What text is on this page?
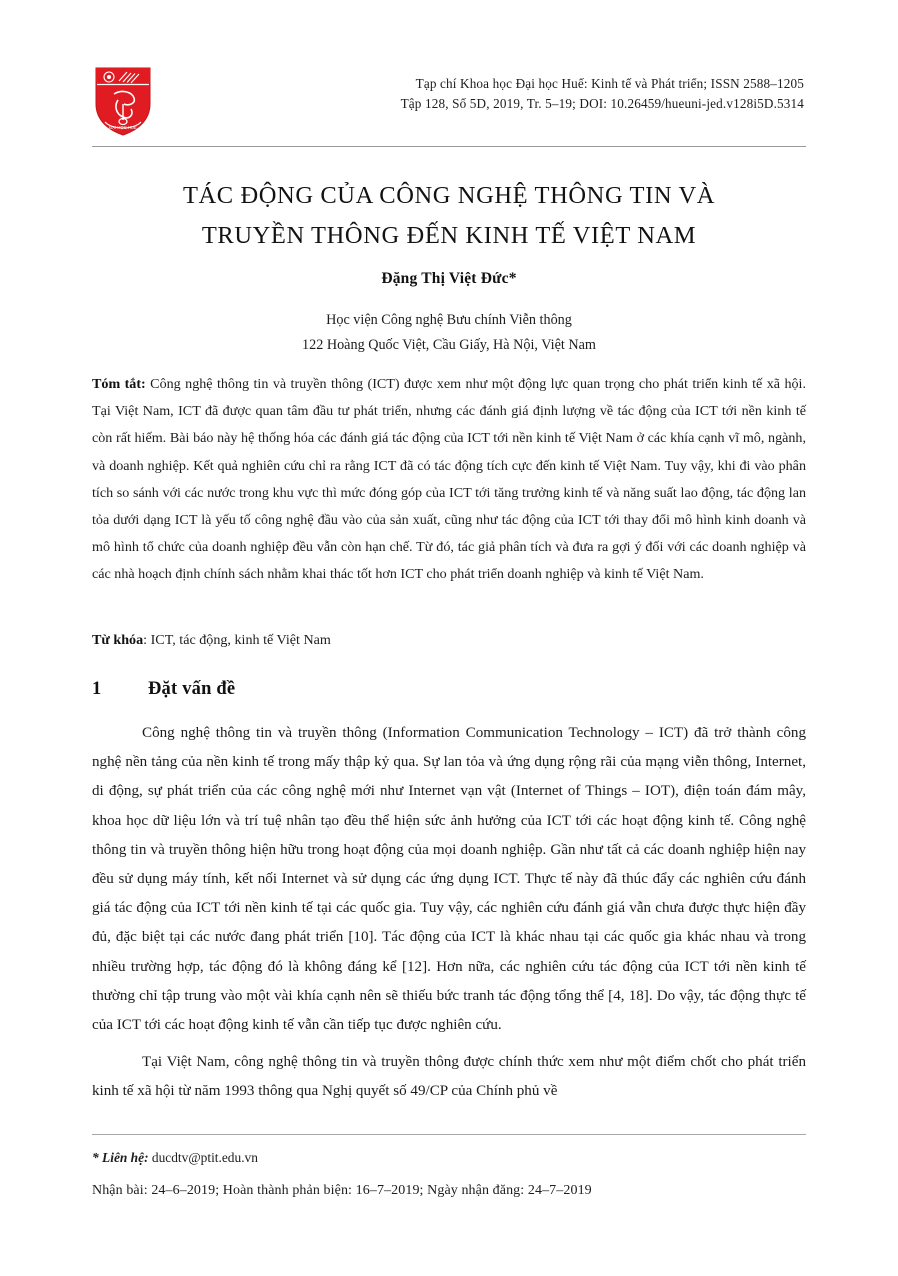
ĐẠI HỌC HUẾ
Tạp chí Khoa học Đại học Huế: Kinh tế và Phát triển; ISSN 2588–1205
Tập 128, Số 5D, 2019, Tr. 5–19; DOI: 10.26459/hueuni-jed.v128i5D.5314
TÁC ĐỘNG CỦA CÔNG NGHỆ THÔNG TIN VÀ
TRUYỀN THÔNG ĐẾN KINH TẾ VIỆT NAM
Đặng Thị Việt Đức*
Học viện Công nghệ Bưu chính Viễn thông
122 Hoàng Quốc Việt, Cầu Giấy, Hà Nội, Việt Nam

Tóm tắt: Công nghệ thông tin và truyền thông (ICT) được xem như một động lực quan trọng cho phát triển kinh tế xã hội. Tại Việt Nam, ICT đã được quan tâm đầu tư phát triển, nhưng các đánh giá định lượng về tác động của ICT tới nền kinh tế còn rất hiếm. Bài báo này hệ thống hóa các đánh giá tác động của ICT tới nền kinh tế Việt Nam ở các khía cạnh vĩ mô, ngành, và doanh nghiệp. Kết quả nghiên cứu chỉ ra rằng ICT đã có tác động tích cực đến kinh tế Việt Nam. Tuy vậy, khi đi vào phân tích so sánh với các nước trong khu vực thì mức đóng góp của ICT tới tăng trưởng kinh tế và năng suất lao động, tác động lan tỏa dưới dạng ICT là yếu tố công nghệ đầu vào của sản xuất, cũng như tác động của ICT tới thay đổi mô hình kinh doanh và mô hình tổ chức của doanh nghiệp đều vẫn còn hạn chế. Từ đó, tác giả phân tích và đưa ra gợi ý đối với các doanh nghiệp và các nhà hoạch định chính sách nhằm khai thác tốt hơn ICT cho phát triển doanh nghiệp và kinh tế Việt Nam.

Từ khóa: ICT, tác động, kinh tế Việt Nam
1	Đặt vấn đề

Công nghệ thông tin và truyền thông (Information Communication Technology – ICT) đã trở thành công nghệ nền tảng của nền kinh tế trong mấy thập kỷ qua. Sự lan tỏa và ứng dụng rộng rãi của mạng viễn thông, Internet, di động, sự phát triển của các công nghệ mới như Internet vạn vật (Internet of Things – IOT), điện toán đám mây, khoa học dữ liệu lớn và trí tuệ nhân tạo đều thể hiện sức ảnh hưởng của ICT tới các hoạt động kinh tế. Công nghệ thông tin và truyền thông hiện hữu trong hoạt động của mọi doanh nghiệp. Gần như tất cả các doanh nghiệp hiện nay đều sử dụng máy tính, kết nối Internet và sử dụng các ứng dụng ICT. Thực tế này đã thúc đẩy các nghiên cứu đánh giá tác động của ICT tới nền kinh tế tại các quốc gia. Tuy vậy, các nghiên cứu đánh giá vẫn chưa được thực hiện đầy đủ, đặc biệt tại các nước đang phát triển [10]. Tác động của ICT là khác nhau tại các quốc gia khác nhau và trong nhiều trường hợp, tác động đó là không đáng kể [12]. Hơn nữa, các nghiên cứu tác động của ICT tới nền kinh tế thường chỉ tập trung vào một vài khía cạnh nên sẽ thiếu bức tranh tác động tổng thể [4, 18]. Do vậy, tác động thực tế của ICT tới các hoạt động kinh tế vẫn cần tiếp tục được nghiên cứu.

Tại Việt Nam, công nghệ thông tin và truyền thông được chính thức xem như một điểm chốt cho phát triển kinh tế xã hội từ năm 1993 thông qua Nghị quyết số 49/CP của Chính phủ về

* Liên hệ: ducdtv@ptit.edu.vn
Nhận bài: 24–6–2019; Hoàn thành phản biện: 16–7–2019; Ngày nhận đăng: 24–7–2019
